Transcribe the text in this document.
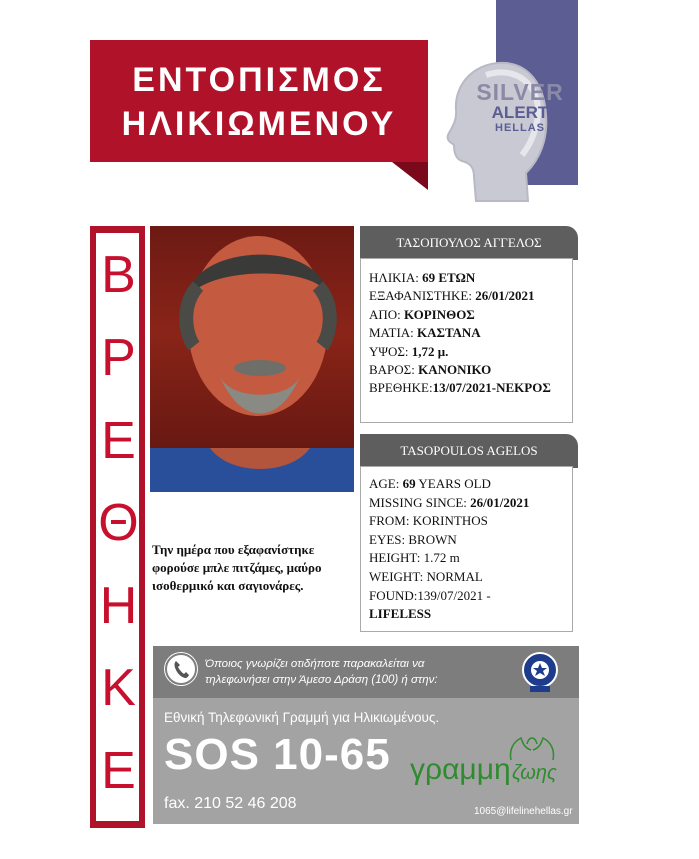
ΕΝΤΟΠΙΣΜΟΣ
ΗΛΙΚΙΩΜΕΝΟΥ
SILVER
ALERT
HELLAS
Β
Ρ
Ε
Θ
Η
Κ
Ε
ΤΑΣΟΠΟΥΛΟΣ ΑΓΓΕΛΟΣ
ΗΛΙΚΙΑ: 69 ΕΤΩΝ
ΕΞΑΦΑΝΙΣΤΗΚΕ: 26/01/2021
ΑΠΟ: ΚΟΡΙΝΘΟΣ
ΜΑΤΙΑ: ΚΑΣΤΑΝΑ
ΥΨΟΣ: 1,72 μ.
ΒΑΡΟΣ: ΚΑΝΟΝΙΚΟ
ΒΡΕΘΗΚΕ:13/07/2021-ΝΕΚΡΟΣ
TASOPOULOS AGELOS
AGE: 69 YEARS OLD
MISSING SINCE: 26/01/2021
FROM: KORINTHOS
EYES: BROWN
HEIGHT: 1.72 m
WEIGHT: NORMAL
FOUND:139/07/2021 -
LIFELESS
Την ημέρα που εξαφανίστηκε φορούσε μπλε πιτζάμες, μαύρο ισοθερμικό και σαγιονάρες.
Όποιος γνωρίζει οτιδήποτε παρακαλείται να τηλεφωνήσει στην Άμεσο Δράση (100) ή στην:
Εθνική Τηλεφωνική Γραμμή για Ηλικιωμένους.
SOS 10-65
fax. 210 52 46 208
γραμμη ζωης
1065@lifelinehellas.gr
